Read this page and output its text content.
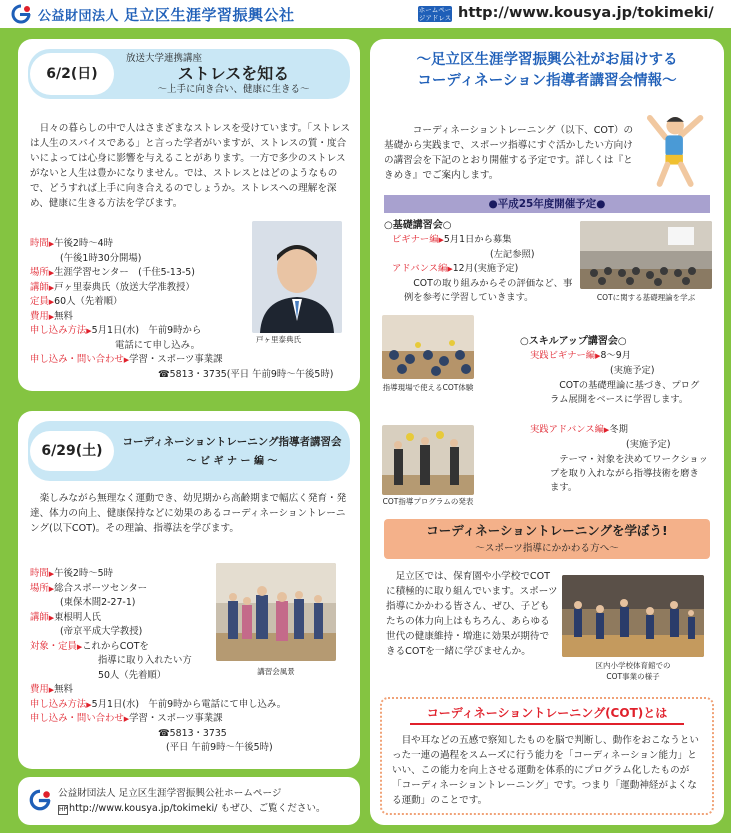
公益財団法人 足立区生涯学習振興公社	ホームページアドレス http://www.kousya.jp/tokimeki/
6/2(日)
放送大学連携講座
ストレスを知る
～上手に向き合い、健康に生きる～
日々の暮らしの中で人はさまざまなストレスを受けています。「ストレスは人生のスパイスである」と言った学者がいますが、ストレスの質・度合いによっては心身に影響を与えることがあります。一方で多少のストレスがないと人生は豊かになりません。では、ストレスとはどのようなもので、どうすれば上手に向き合えるのでしょうか。ストレスへの理解を深め、健康に生きる方法を学びます。
時間▶午後2時～4時
(午後1時30分開場)
場所▶生涯学習センター　(千住5-13-5)
講師▶戸ヶ里泰典氏（放送大学准教授）
定員▶60人（先着順）
費用▶無料
申し込み方法▶5月1日(水)　午前9時から
電話にて申し込み。
申し込み・問い合わせ▶学習・スポーツ事業課
☎5813・3735(平日 午前9時～午後5時)
戸ヶ里泰典氏
6/29(土)
コーディネーショントレーニング指導者講習会
～ ビ ギ ナ ー 編 ～
楽しみながら無理なく運動でき、幼児期から高齢期まで幅広く発育・発達、体力の向上、健康保持などに効果のあるコーディネーショントレーニング(以下COT)。その理論、指導法を学びます。
時間▶午後2時～5時
場所▶総合スポーツセンター
(東保木間2-27-1)
講師▶東根明人氏
(帝京平成大学教授)
対象・定員▶これからCOTを
指導に取り入れたい方
50人（先着順）
費用▶無料
申し込み方法▶5月1日(水)　午前9時から電話にて申し込み。
申し込み・問い合わせ▶学習・スポーツ事業課
☎5813・3735
(平日 午前9時～午後5時)
講習会風景
公益財団法人 足立区生涯学習振興公社ホームページ
HP http://www.kousya.jp/tokimeki/ もぜひ、ご覧ください。
～足立区生涯学習振興公社がお届けする
コーディネーション指導者講習会情報～
コーディネーショントレーニング（以下、COT）の基礎から実践まで、スポーツ指導にすぐ活かしたい方向けの講習会を下記のとおり開催する予定です。詳しくは『ときめき』でご案内します。
●平成25年度開催予定●
○基礎講習会○
ビギナー編▶5月1日から募集
(左記参照)
アドバンス編▶12月(実施予定)
COTの取り組みからその評価など、事例を参考に学習していきます。	COTに関する基礎理論を学ぶ
指導現場で使えるCOT体験
COT指導プログラムの発表
○スキルアップ講習会○
実践ビギナー編▶8～9月
(実施予定)
COTの基礎理論に基づき、プログラム展開をベースに学習します。
実践アドバンス編▶冬期
(実施予定)
テーマ・対象を決めてワークショップを取り入れながら指導技術を磨きます。
コーディネーショントレーニングを学ぼう!
～スポーツ指導にかかわる方へ～
足立区では、保育園や小学校でCOTに積極的に取り組んでいます。スポーツ指導にかかわる皆さん、ぜひ、子どもたちの体力向上はもちろん、あらゆる世代の健康維持・増進に効果が期待できるCOTを一緒に学びませんか。
区内小学校体育館での
COT事業の様子
コーディネーショントレーニング(COT)とは
目や耳などの五感で察知したものを脳で判断し、動作をおこなうといった一連の過程をスムーズに行う能力を「コーディネーション能力」といい、この能力を向上させる運動を体系的にプログラム化したものが「コーディネーショントレーニング」です。つまり「運動神経がよくなる運動」のことです。
